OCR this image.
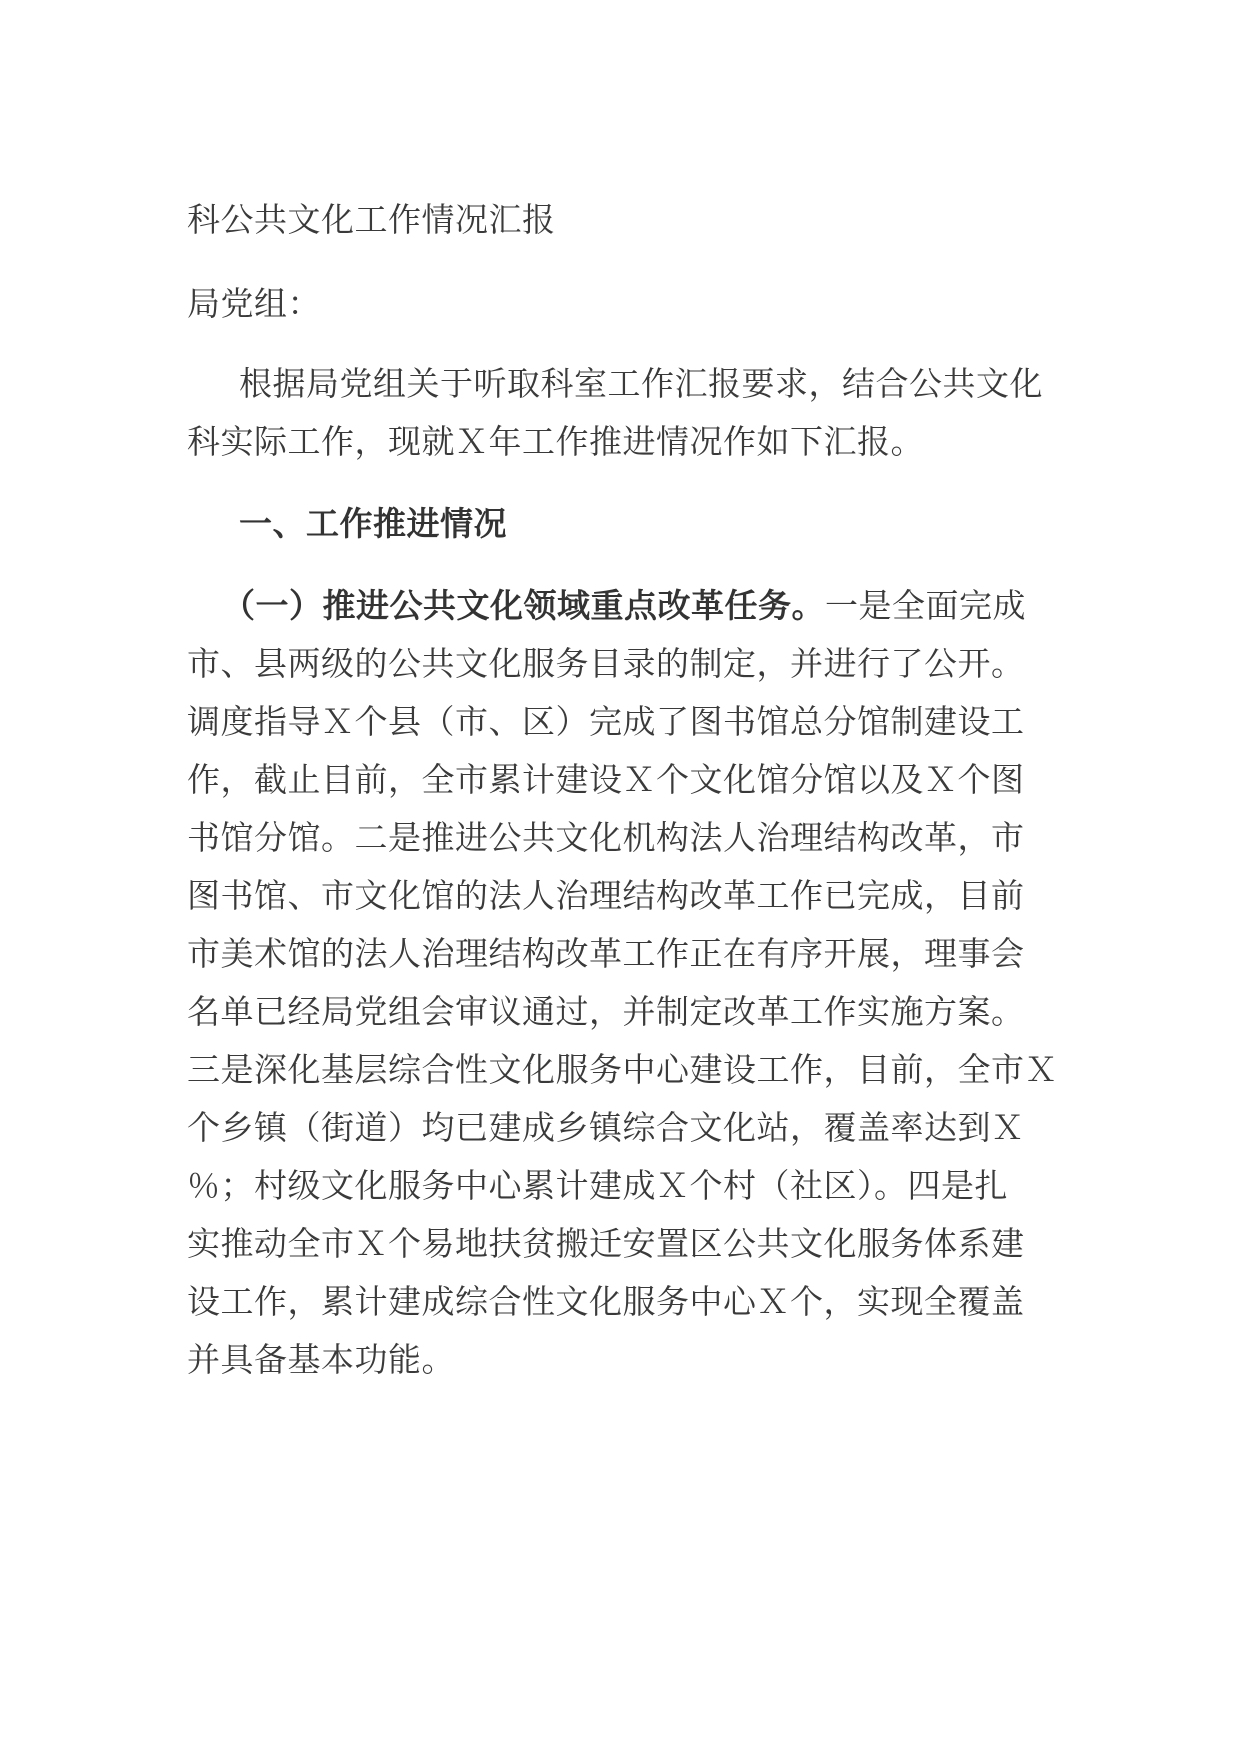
科公共文化工作情况汇报
局党组：
根据局党组关于听取科室工作汇报要求，结合公共文化
科实际工作，现就Ｘ年工作推进情况作如下汇报。
一、工作推进情况
（一）推进公共文化领域重点改革任务。一是全面完成
市、县两级的公共文化服务目录的制定，并进行了公开。
调度指导Ｘ个县（市、区）完成了图书馆总分馆制建设工
作，截止目前，全市累计建设Ｘ个文化馆分馆以及Ｘ个图
书馆分馆。二是推进公共文化机构法人治理结构改革，市
图书馆、市文化馆的法人治理结构改革工作已完成，目前
市美术馆的法人治理结构改革工作正在有序开展，理事会
名单已经局党组会审议通过，并制定改革工作实施方案。
三是深化基层综合性文化服务中心建设工作，目前，全市Ｘ
个乡镇（街道）均已建成乡镇综合文化站，覆盖率达到Ｘ
％；村级文化服务中心累计建成Ｘ个村（社区）。四是扎
实推动全市Ｘ个易地扶贫搬迁安置区公共文化服务体系建
设工作，累计建成综合性文化服务中心Ｘ个，实现全覆盖
并具备基本功能。
